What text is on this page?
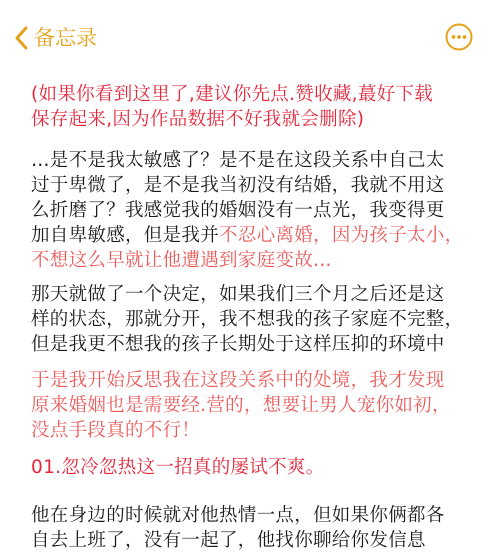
备忘录

(如果你看到这里了,建议你先点.赞收藏,蕞好下载
保存起来,因为作品数据不好我就会删除)

…是不是我太敏感了？是不是在这段关系中自己太
过于卑微了，是不是我当初没有结婚，我就不用这
么折磨了？我感觉我的婚姻没有一点光，我变得更
加自卑敏感，但是我并不忍心离婚，因为孩子太小，
不想这么早就让他遭遇到家庭变故…

那天就做了一个决定，如果我们三个月之后还是这
样的状态，那就分开，我不想我的孩子家庭不完整，
但是我更不想我的孩子长期处于这样压抑的环境中

于是我开始反思我在这段关系中的处境，我才发现
原来婚姻也是需要经.营的，想要让男人宠你如初，
没点手段真的不行！

01.忽冷忽热这一招真的屡试不爽。

他在身边的时候就对他热情一点，但如果你俩都各
自去上班了，没有一起了，他找你聊给你发信息
